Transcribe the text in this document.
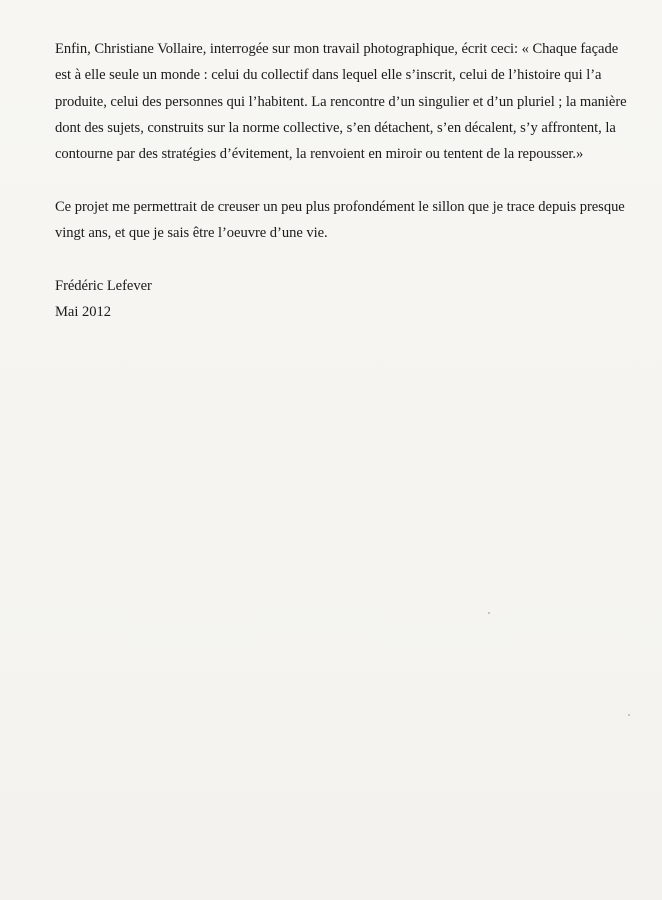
Enfin, Christiane Vollaire, interrogée sur mon travail photographique, écrit ceci: « Chaque façade
est à elle seule un monde : celui du collectif dans lequel elle s’inscrit, celui de l’histoire qui l’a
produite, celui des personnes qui l’habitent. La rencontre d’un singulier et d’un pluriel ; la manière
dont des sujets, construits sur la norme collective, s’en détachent, s’en décalent, s’y affrontent, la
contourne par des stratégies d’évitement, la renvoient en miroir ou tentent de la repousser.»
Ce projet me permettrait de creuser un peu plus profondément le sillon que je trace depuis presque
vingt ans, et que je sais être l’oeuvre d’une vie.
Frédéric Lefever
Mai 2012
